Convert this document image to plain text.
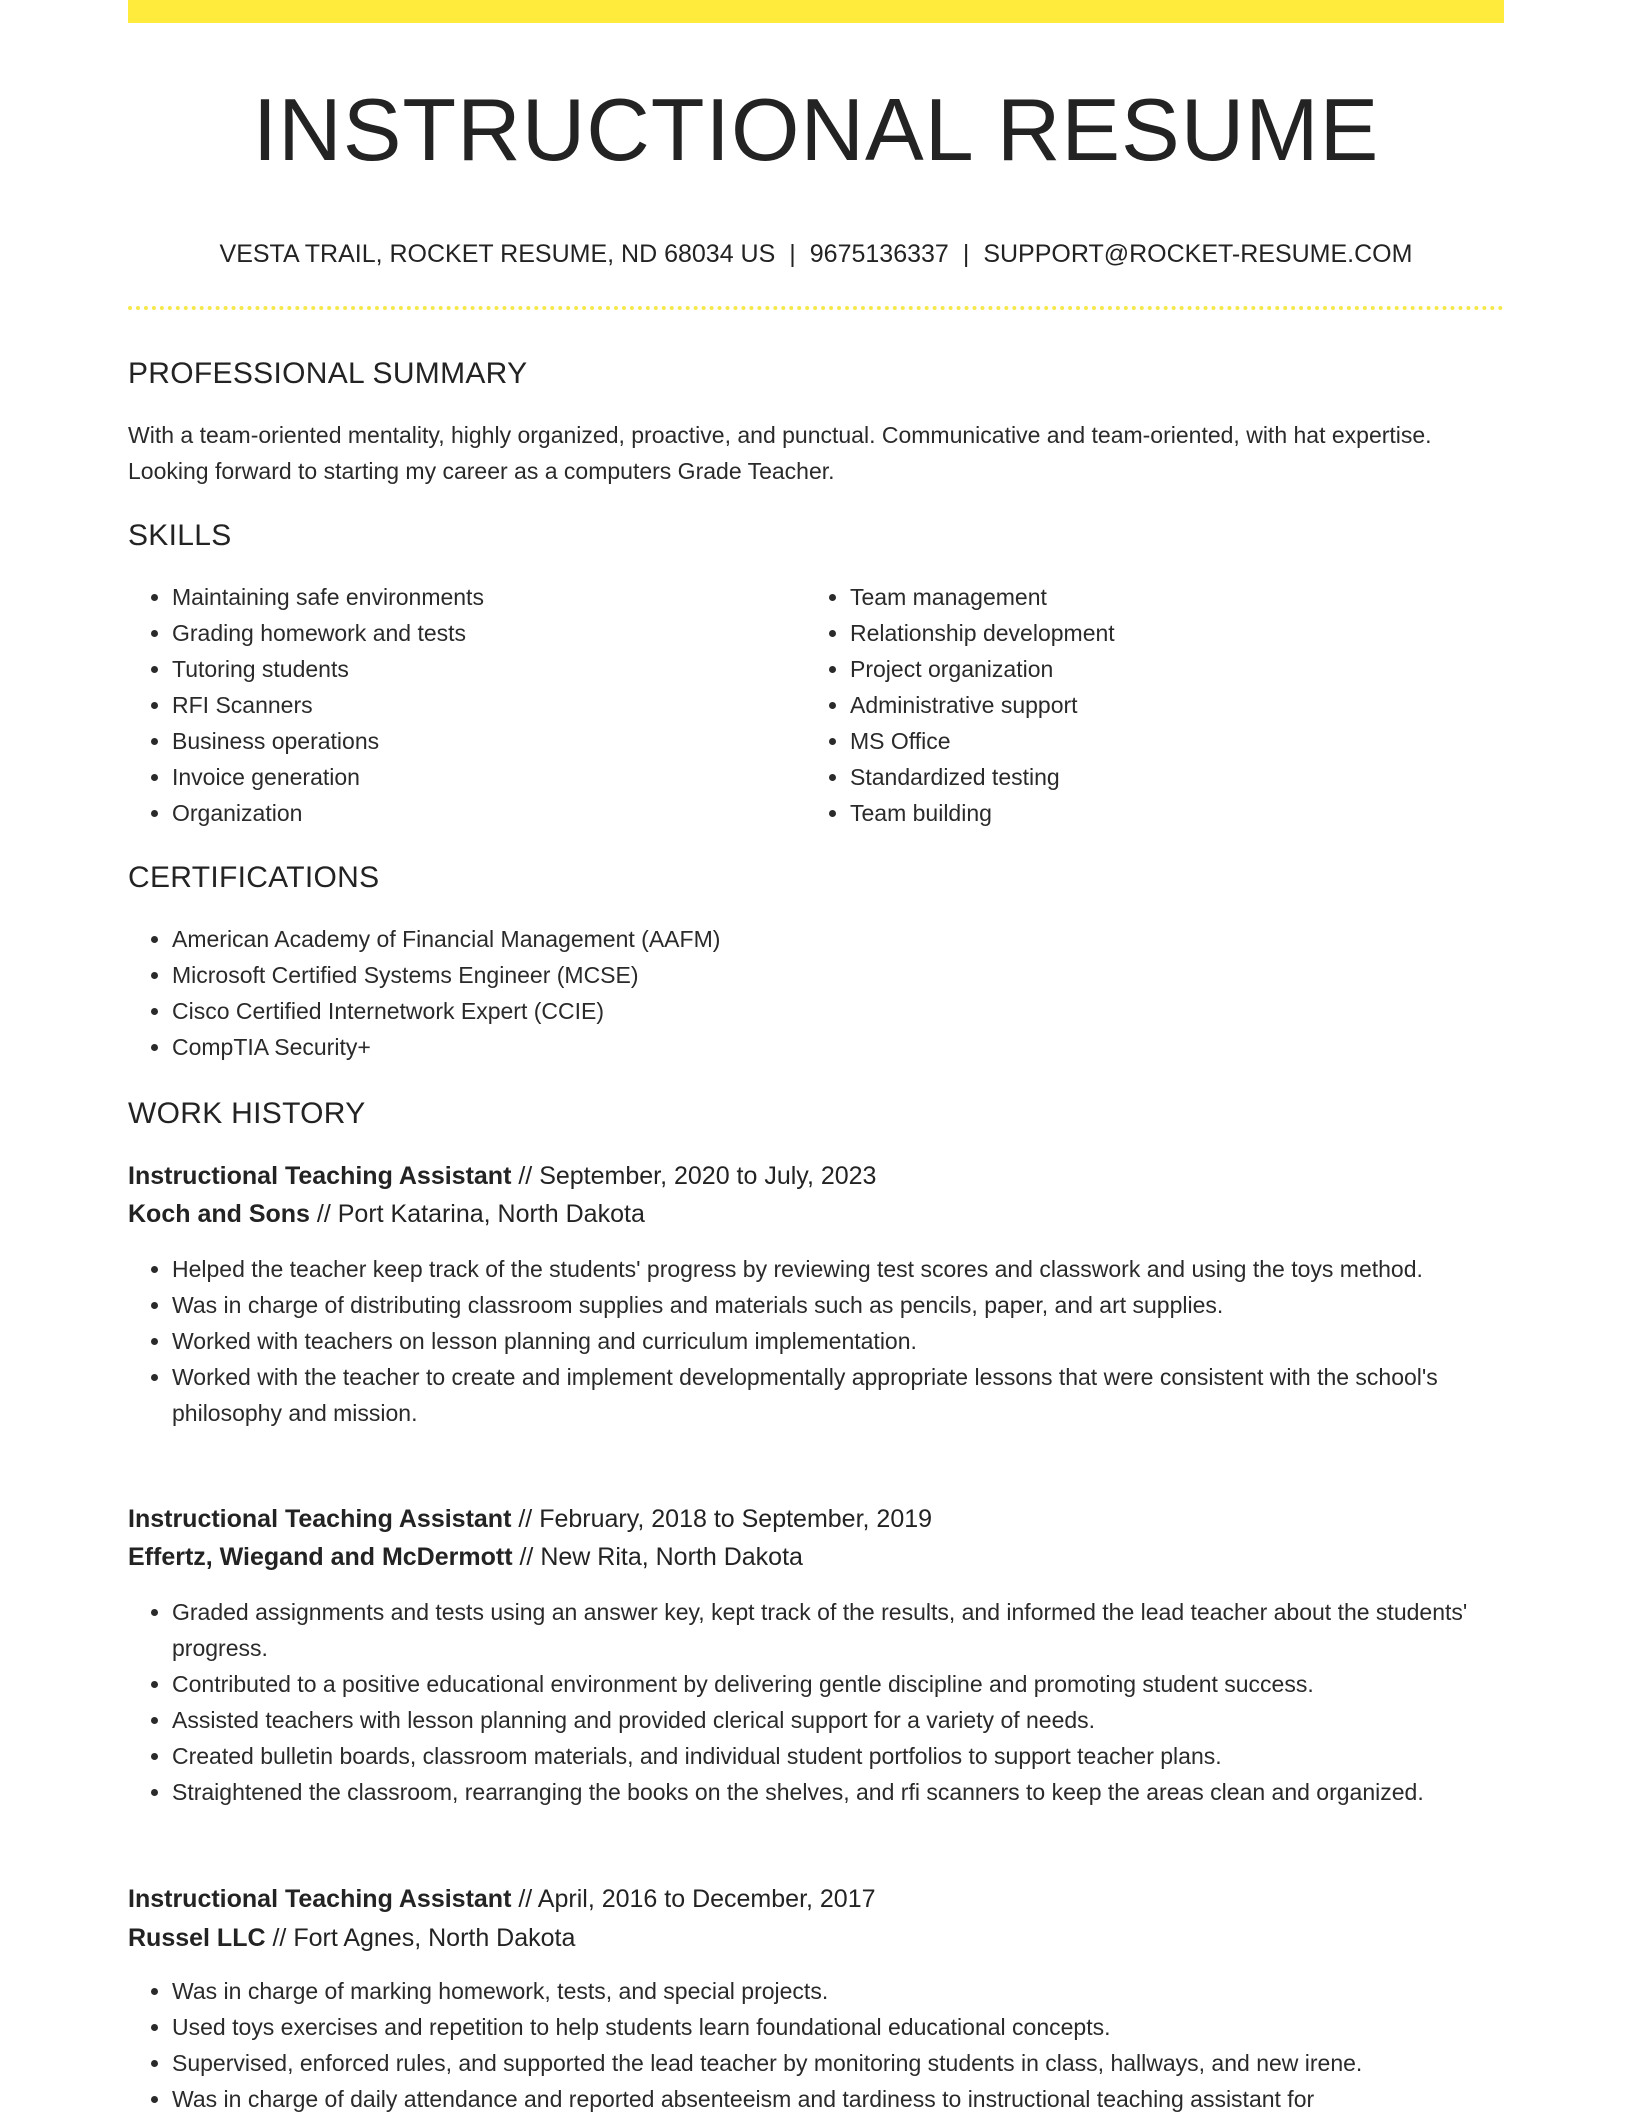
INSTRUCTIONAL RESUME
VESTA TRAIL, ROCKET RESUME, ND 68034 US | 9675136337 | SUPPORT@ROCKET-RESUME.COM
PROFESSIONAL SUMMARY

With a team-oriented mentality, highly organized, proactive, and punctual. Communicative and team-oriented, with hat expertise. Looking forward to starting my career as a computers Grade Teacher.

SKILLS
• Maintaining safe environments
• Grading homework and tests
• Tutoring students
• RFI Scanners
• Business operations
• Invoice generation
• Organization
• Team management
• Relationship development
• Project organization
• Administrative support
• MS Office
• Standardized testing
• Team building
CERTIFICATIONS
• American Academy of Financial Management (AAFM)
• Microsoft Certified Systems Engineer (MCSE)
• Cisco Certified Internetwork Expert (CCIE)
• CompTIA Security+
WORK HISTORY
Instructional Teaching Assistant // September, 2020 to July, 2023
Koch and Sons // Port Katarina, North Dakota
• Helped the teacher keep track of the students' progress by reviewing test scores and classwork and using the toys method.
• Was in charge of distributing classroom supplies and materials such as pencils, paper, and art supplies.
• Worked with teachers on lesson planning and curriculum implementation.
• Worked with the teacher to create and implement developmentally appropriate lessons that were consistent with the school's philosophy and mission.
Instructional Teaching Assistant // February, 2018 to September, 2019
Effertz, Wiegand and McDermott // New Rita, North Dakota
• Graded assignments and tests using an answer key, kept track of the results, and informed the lead teacher about the students' progress.
• Contributed to a positive educational environment by delivering gentle discipline and promoting student success.
• Assisted teachers with lesson planning and provided clerical support for a variety of needs.
• Created bulletin boards, classroom materials, and individual student portfolios to support teacher plans.
• Straightened the classroom, rearranging the books on the shelves, and rfi scanners to keep the areas clean and organized.
Instructional Teaching Assistant // April, 2016 to December, 2017
Russel LLC // Fort Agnes, North Dakota
• Was in charge of marking homework, tests, and special projects.
• Used toys exercises and repetition to help students learn foundational educational concepts.
• Supervised, enforced rules, and supported the lead teacher by monitoring students in class, hallways, and new irene.
• Was in charge of daily attendance and reported absenteeism and tardiness to instructional teaching assistant for
